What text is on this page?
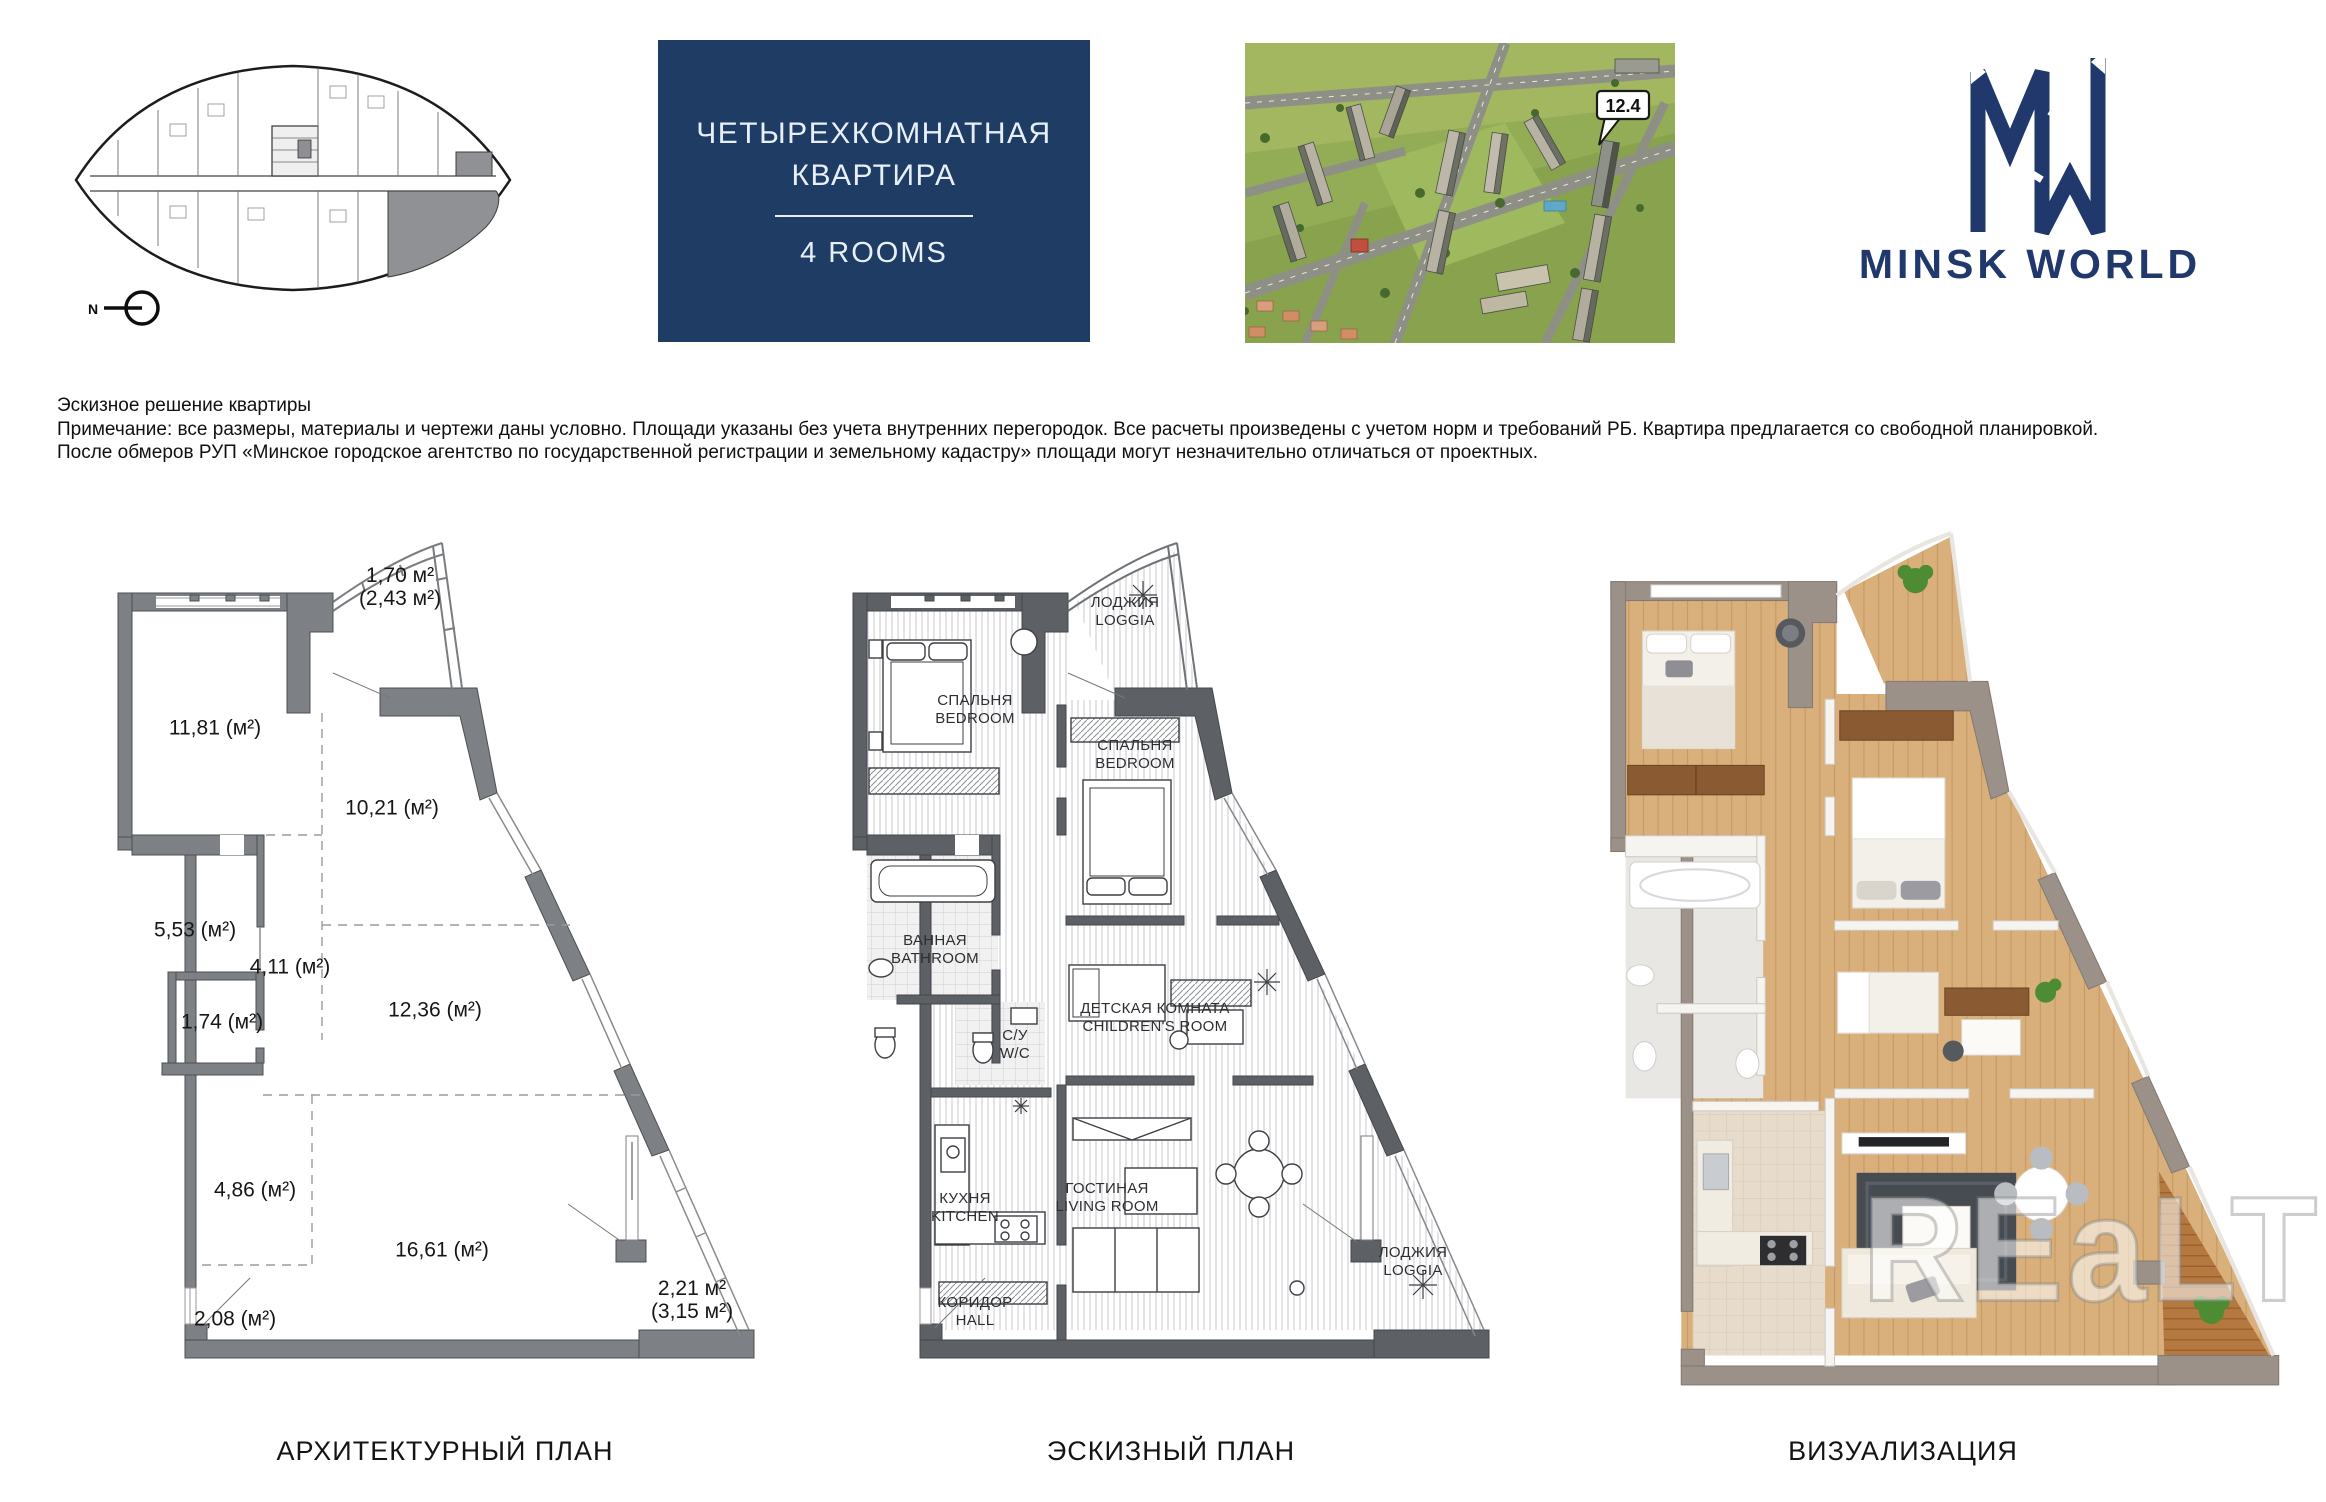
N
ЧЕТЫРЕХКОМНАТНАЯ
КВАРТИРА
4 ROOMS
12.4
MINSK WORLD
Эскизное решение квартиры
Примечание: все размеры, материалы и чертежи даны условно. Площади указаны без учета внутренних перегородок. Все расчеты произведены с учетом норм и требований РБ. Квартира предлагается со свободной планировкой.
После обмеров РУП «Минское городское агентство по государственной регистрации и земельному кадастру» площади могут незначительно отличаться от проектных.
1,70 м²
(2,43 м²)
11,81 (м²)
10,21 (м²)
5,53 (м²)
4,11 (м²)
1,74 (м²)
12,36 (м²)
4,86 (м²)
16,61 (м²)
2,08 (м²)
2,21 м²
(3,15 м²)
СПАЛЬНЯ
BEDROOM
ЛОДЖИЯ
LOGGIA
СПАЛЬНЯ
BEDROOM
ВАННАЯ
BATHROOM
С/У
W/C
ДЕТСКАЯ КОМНАТА
CHILDREN'S ROOM
КУХНЯ
KITCHEN
ГОСТИНАЯ
LIVING ROOM
КОРИДОР
HALL
ЛОДЖИЯ
LOGGIA	REaLT
АРХИТЕКТУРНЫЙ ПЛАН	ЭСКИЗНЫЙ ПЛАН	ВИЗУАЛИЗАЦИЯ
